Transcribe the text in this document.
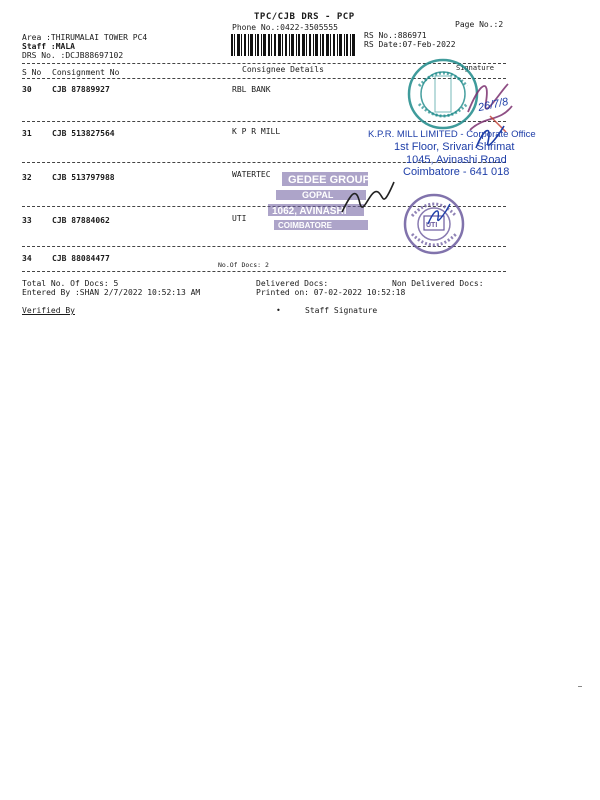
TPC/CJB DRS - PCP
Phone No.:0422-3505555	Page No.:2
Area :THIRUMALAI TOWER PC4
Staff :MALA
DRS No. :DCJB88697102
RS No.:886971
RS Date:07-Feb-2022
S No Consignment No	Consignee Details	Signature
30	CJB 87889927	RBL BANK
31	CJB 513827564	K P R MILL
32	CJB 513797988	WATERTEC
33	CJB 87884062	UTI
34	CJB 88084477
No.Of Docs: 2
Total No. Of Docs: 5	Delivered Docs:	Non Delivered Docs:
Entered By :SHAN 2/7/2022 10:52:13 AM	Printed on: 07-02-2022 10:52:18
Verified By	•	Staff Signature
26/7/8
K.P.R. MILL LIMITED - Corporate Office
1st Floor, Srivari Shrimat
1045, Avinashi Road
Coimbatore - 641 018
GEDEE GROUP
GOPAL
1062, AVINASHI
COIMBATORE	UTI
